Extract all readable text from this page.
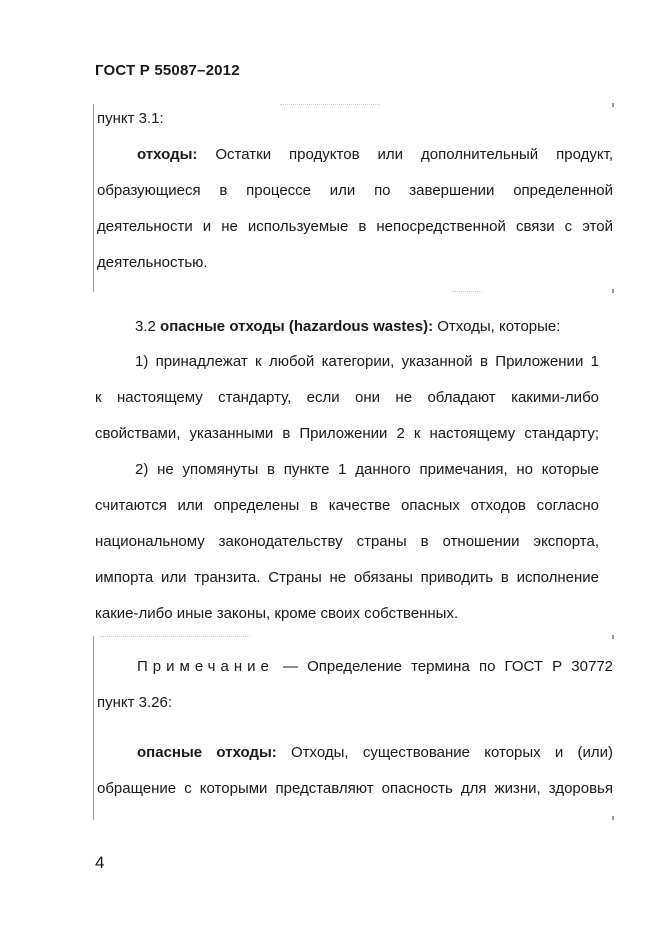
ГОСТ Р 55087–2012
пункт 3.1:
отходы: Остатки продуктов или дополнительный продукт,
образующиеся в процессе или по завершении определенной
деятельности и не используемые в непосредственной связи с этой
деятельностью.
3.2 опасные отходы (hazardous wastes): Отходы, которые:
1) принадлежат к любой категории, указанной в Приложении 1
к настоящему стандарту, если они не обладают какими-либо
свойствами, указанными в Приложении 2 к настоящему стандарту;
2) не упомянуты в пункте 1 данного примечания, но которые
считаются или определены в качестве опасных отходов согласно
национальному законодательству страны в отношении экспорта,
импорта или транзита. Страны не обязаны приводить в исполнение
какие-либо иные законы, кроме своих собственных.
Примечание — Определение термина по ГОСТ Р 30772
пункт 3.26:
опасные отходы: Отходы, существование которых и (или)
обращение с которыми представляют опасность для жизни, здоровья
4
